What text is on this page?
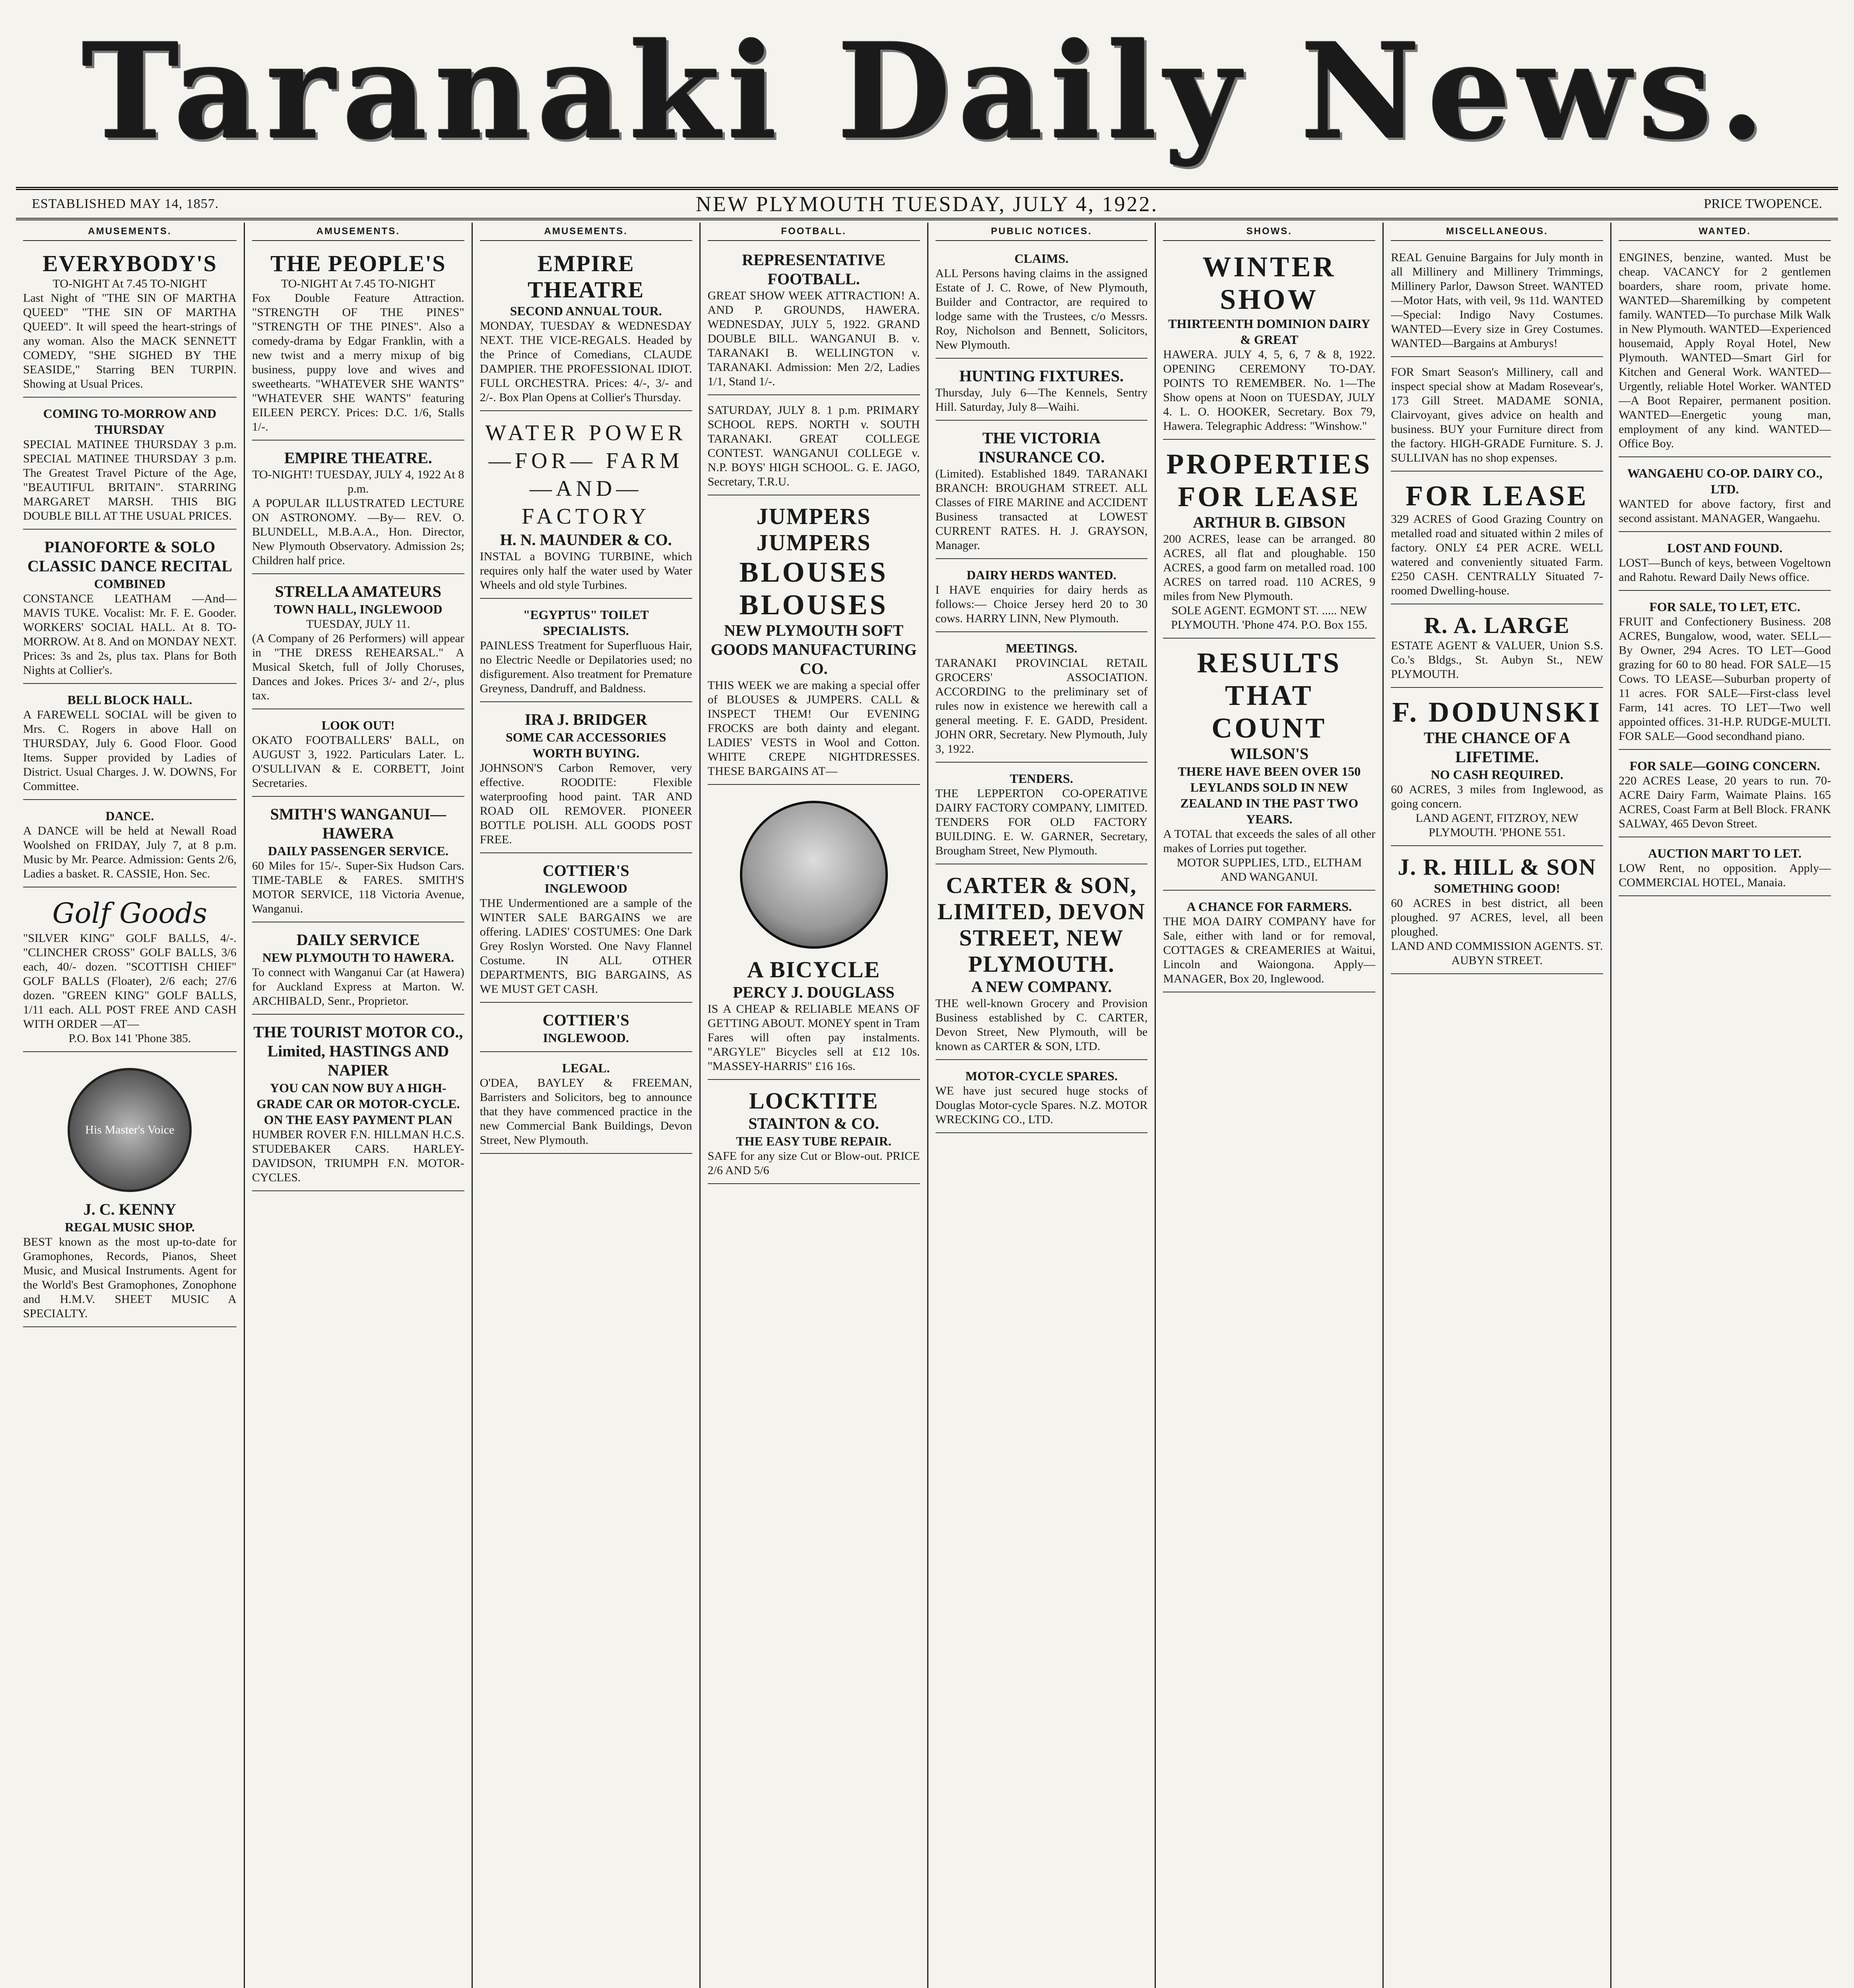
Taranaki Daily News.
ESTABLISHED MAY 14, 1857.	NEW PLYMOUTH TUESDAY, JULY 4, 1922.	PRICE TWOPENCE.
AMUSEMENTS.
EVERYBODY'S
TO-NIGHT At 7.45 TO-NIGHT
Last Night of "THE SIN OF MARTHA QUEED" "THE SIN OF MARTHA QUEED". It will speed the heart-strings of any woman. Also the MACK SENNETT COMEDY, "SHE SIGHED BY THE SEASIDE," Starring BEN TURPIN. Showing at Usual Prices.
COMING TO-MORROW AND THURSDAY
SPECIAL MATINEE THURSDAY 3 p.m. SPECIAL MATINEE THURSDAY 3 p.m. The Greatest Travel Picture of the Age, "BEAUTIFUL BRITAIN". STARRING MARGARET MARSH. THIS BIG DOUBLE BILL AT THE USUAL PRICES.
PIANOFORTE & SOLO CLASSIC DANCE RECITAL
COMBINED
CONSTANCE LEATHAM —And— MAVIS TUKE. Vocalist: Mr. F. E. Gooder. WORKERS' SOCIAL HALL. At 8. TO-MORROW. At 8. And on MONDAY NEXT. Prices: 3s and 2s, plus tax. Plans for Both Nights at Collier's.
BELL BLOCK HALL.
A FAREWELL SOCIAL will be given to Mrs. C. Rogers in above Hall on THURSDAY, July 6. Good Floor. Good Items. Supper provided by Ladies of District. Usual Charges. J. W. DOWNS, For Committee.
DANCE.
A DANCE will be held at Newall Road Woolshed on FRIDAY, July 7, at 8 p.m. Music by Mr. Pearce. Admission: Gents 2/6, Ladies a basket. R. CASSIE, Hon. Sec.
Golf Goods
"SILVER KING" GOLF BALLS, 4/-. "CLINCHER CROSS" GOLF BALLS, 3/6 each, 40/- dozen. "SCOTTISH CHIEF" GOLF BALLS (Floater), 2/6 each; 27/6 dozen. "GREEN KING" GOLF BALLS, 1/11 each. ALL POST FREE AND CASH WITH ORDER —AT—
P.O. Box 141 'Phone 385.
His Master's Voice
J. C. KENNY
REGAL MUSIC SHOP.
BEST known as the most up-to-date for Gramophones, Records, Pianos, Sheet Music, and Musical Instruments. Agent for the World's Best Gramophones, Zonophone and H.M.V. SHEET MUSIC A SPECIALTY.
AMUSEMENTS.
THE PEOPLE'S
TO-NIGHT At 7.45 TO-NIGHT
Fox Double Feature Attraction. "STRENGTH OF THE PINES" "STRENGTH OF THE PINES". Also a comedy-drama by Edgar Franklin, with a new twist and a merry mixup of big business, puppy love and wives and sweethearts. "WHATEVER SHE WANTS" "WHATEVER SHE WANTS" featuring EILEEN PERCY. Prices: D.C. 1/6, Stalls 1/-.
EMPIRE THEATRE.
TO-NIGHT! TUESDAY, JULY 4, 1922 At 8 p.m.
A POPULAR ILLUSTRATED LECTURE ON ASTRONOMY. —By— REV. O. BLUNDELL, M.B.A.A., Hon. Director, New Plymouth Observatory. Admission 2s; Children half price.
STRELLA AMATEURS
TOWN HALL, INGLEWOOD
TUESDAY, JULY 11.
(A Company of 26 Performers) will appear in "THE DRESS REHEARSAL." A Musical Sketch, full of Jolly Choruses, Dances and Jokes. Prices 3/- and 2/-, plus tax.
LOOK OUT!
OKATO FOOTBALLERS' BALL, on AUGUST 3, 1922. Particulars Later. L. O'SULLIVAN & E. CORBETT, Joint Secretaries.
SMITH'S WANGANUI—HAWERA
DAILY PASSENGER SERVICE.
60 Miles for 15/-. Super-Six Hudson Cars. TIME-TABLE & FARES. SMITH'S MOTOR SERVICE, 118 Victoria Avenue, Wanganui.
DAILY SERVICE
NEW PLYMOUTH TO HAWERA.
To connect with Wanganui Car (at Hawera) for Auckland Express at Marton. W. ARCHIBALD, Senr., Proprietor.
THE TOURIST MOTOR CO., Limited, HASTINGS AND NAPIER
YOU CAN NOW BUY A HIGH-GRADE CAR OR MOTOR-CYCLE. ON THE EASY PAYMENT PLAN
HUMBER ROVER F.N. HILLMAN H.C.S. STUDEBAKER CARS. HARLEY-DAVIDSON, TRIUMPH F.N. MOTOR-CYCLES.
AMUSEMENTS.
EMPIRE THEATRE
SECOND ANNUAL TOUR.
MONDAY, TUESDAY & WEDNESDAY NEXT. THE VICE-REGALS. Headed by the Prince of Comedians, CLAUDE DAMPIER. THE PROFESSIONAL IDIOT. FULL ORCHESTRA. Prices: 4/-, 3/- and 2/-. Box Plan Opens at Collier's Thursday.
WATER POWER —FOR— FARM —AND— FACTORY
H. N. MAUNDER & CO.
INSTAL a BOVING TURBINE, which requires only half the water used by Water Wheels and old style Turbines.
"EGYPTUS" TOILET SPECIALISTS.
PAINLESS Treatment for Superfluous Hair, no Electric Needle or Depilatories used; no disfigurement. Also treatment for Premature Greyness, Dandruff, and Baldness.
IRA J. BRIDGER
SOME CAR ACCESSORIES WORTH BUYING.
JOHNSON'S Carbon Remover, very effective. ROODITE: Flexible waterproofing hood paint. TAR AND ROAD OIL REMOVER. PIONEER BOTTLE POLISH. ALL GOODS POST FREE.
COTTIER'S
INGLEWOOD
THE Undermentioned are a sample of the WINTER SALE BARGAINS we are offering. LADIES' COSTUMES: One Dark Grey Roslyn Worsted. One Navy Flannel Costume. IN ALL OTHER DEPARTMENTS, BIG BARGAINS, AS WE MUST GET CASH.
COTTIER'S
INGLEWOOD.
LEGAL.
O'DEA, BAYLEY & FREEMAN, Barristers and Solicitors, beg to announce that they have commenced practice in the new Commercial Bank Buildings, Devon Street, New Plymouth.
FOOTBALL.
REPRESENTATIVE FOOTBALL.
GREAT SHOW WEEK ATTRACTION! A. AND P. GROUNDS, HAWERA. WEDNESDAY, JULY 5, 1922. GRAND DOUBLE BILL. WANGANUI B. v. TARANAKI B. WELLINGTON v. TARANAKI. Admission: Men 2/2, Ladies 1/1, Stand 1/-.
SATURDAY, JULY 8. 1 p.m. PRIMARY SCHOOL REPS. NORTH v. SOUTH TARANAKI. GREAT COLLEGE CONTEST. WANGANUI COLLEGE v. N.P. BOYS' HIGH SCHOOL. G. E. JAGO, Secretary, T.R.U.
JUMPERS JUMPERS
BLOUSES BLOUSES
NEW PLYMOUTH SOFT GOODS MANUFACTURING CO.
THIS WEEK we are making a special offer of BLOUSES & JUMPERS. CALL & INSPECT THEM! Our EVENING FROCKS are both dainty and elegant. LADIES' VESTS in Wool and Cotton. WHITE CREPE NIGHTDRESSES. THESE BARGAINS AT—
A BICYCLE
PERCY J. DOUGLASS
IS A CHEAP & RELIABLE MEANS OF GETTING ABOUT. MONEY spent in Tram Fares will often pay instalments. "ARGYLE" Bicycles sell at £12 10s. "MASSEY-HARRIS" £16 16s.
LOCKTITE
STAINTON & CO.
THE EASY TUBE REPAIR.
SAFE for any size Cut or Blow-out. PRICE 2/6 AND 5/6
PUBLIC NOTICES.
CLAIMS.
ALL Persons having claims in the assigned Estate of J. C. Rowe, of New Plymouth, Builder and Contractor, are required to lodge same with the Trustees, c/o Messrs. Roy, Nicholson and Bennett, Solicitors, New Plymouth.
HUNTING FIXTURES.
Thursday, July 6—The Kennels, Sentry Hill. Saturday, July 8—Waihi.
THE VICTORIA INSURANCE CO.
(Limited). Established 1849. TARANAKI BRANCH: BROUGHAM STREET. ALL Classes of FIRE MARINE and ACCIDENT Business transacted at LOWEST CURRENT RATES. H. J. GRAYSON, Manager.
DAIRY HERDS WANTED.
I HAVE enquiries for dairy herds as follows:— Choice Jersey herd 20 to 30 cows. HARRY LINN, New Plymouth.
MEETINGS.
TARANAKI PROVINCIAL RETAIL GROCERS' ASSOCIATION. ACCORDING to the preliminary set of rules now in existence we herewith call a general meeting. F. E. GADD, President. JOHN ORR, Secretary. New Plymouth, July 3, 1922.
TENDERS.
THE LEPPERTON CO-OPERATIVE DAIRY FACTORY COMPANY, LIMITED. TENDERS FOR OLD FACTORY BUILDING. E. W. GARNER, Secretary, Brougham Street, New Plymouth.
CARTER & SON, LIMITED, DEVON STREET, NEW PLYMOUTH.
A NEW COMPANY.
THE well-known Grocery and Provision Business established by C. CARTER, Devon Street, New Plymouth, will be known as CARTER & SON, LTD.
MOTOR-CYCLE SPARES.
WE have just secured huge stocks of Douglas Motor-cycle Spares. N.Z. MOTOR WRECKING CO., LTD.
SHOWS.
WINTER SHOW
THIRTEENTH DOMINION DAIRY & GREAT
HAWERA. JULY 4, 5, 6, 7 & 8, 1922. OPENING CEREMONY TO-DAY. POINTS TO REMEMBER. No. 1—The Show opens at Noon on TUESDAY, JULY 4. L. O. HOOKER, Secretary. Box 79, Hawera. Telegraphic Address: "Winshow."
PROPERTIES FOR LEASE
ARTHUR B. GIBSON
200 ACRES, lease can be arranged. 80 ACRES, all flat and ploughable. 150 ACRES, a good farm on metalled road. 100 ACRES on tarred road. 110 ACRES, 9 miles from New Plymouth.
SOLE AGENT. EGMONT ST. ..... NEW PLYMOUTH. 'Phone 474. P.O. Box 155.
RESULTS THAT COUNT
WILSON'S
THERE HAVE BEEN OVER 150 LEYLANDS SOLD IN NEW ZEALAND IN THE PAST TWO YEARS.
A TOTAL that exceeds the sales of all other makes of Lorries put together.
MOTOR SUPPLIES, LTD., ELTHAM AND WANGANUI.
A CHANCE FOR FARMERS.
THE MOA DAIRY COMPANY have for Sale, either with land or for removal, COTTAGES & CREAMERIES at Waitui, Lincoln and Waiongona. Apply— MANAGER, Box 20, Inglewood.
MISCELLANEOUS.
REAL Genuine Bargains for July month in all Millinery and Millinery Trimmings, Millinery Parlor, Dawson Street. WANTED—Motor Hats, with veil, 9s 11d. WANTED—Special: Indigo Navy Costumes. WANTED—Every size in Grey Costumes. WANTED—Bargains at Amburys!
FOR Smart Season's Millinery, call and inspect special show at Madam Rosevear's, 173 Gill Street. MADAME SONIA, Clairvoyant, gives advice on health and business. BUY your Furniture direct from the factory. HIGH-GRADE Furniture. S. J. SULLIVAN has no shop expenses.
FOR LEASE
329 ACRES of Good Grazing Country on metalled road and situated within 2 miles of factory. ONLY £4 PER ACRE. WELL watered and conveniently situated Farm. £250 CASH. CENTRALLY Situated 7-roomed Dwelling-house.
R. A. LARGE
ESTATE AGENT & VALUER, Union S.S. Co.'s Bldgs., St. Aubyn St., NEW PLYMOUTH.
F. DODUNSKI
THE CHANCE OF A LIFETIME.
NO CASH REQUIRED.
60 ACRES, 3 miles from Inglewood, as going concern.
LAND AGENT, FITZROY, NEW PLYMOUTH. 'PHONE 551.
J. R. HILL & SON
SOMETHING GOOD!
60 ACRES in best district, all been ploughed. 97 ACRES, level, all been ploughed.
LAND AND COMMISSION AGENTS. ST. AUBYN STREET.
WANTED.
ENGINES, benzine, wanted. Must be cheap. VACANCY for 2 gentlemen boarders, share room, private home. WANTED—Sharemilking by competent family. WANTED—To purchase Milk Walk in New Plymouth. WANTED—Experienced housemaid, Apply Royal Hotel, New Plymouth. WANTED—Smart Girl for Kitchen and General Work. WANTED—Urgently, reliable Hotel Worker. WANTED—A Boot Repairer, permanent position. WANTED—Energetic young man, employment of any kind. WANTED—Office Boy.
WANGAEHU CO-OP. DAIRY CO., LTD.
WANTED for above factory, first and second assistant. MANAGER, Wangaehu.
LOST AND FOUND.
LOST—Bunch of keys, between Vogeltown and Rahotu. Reward Daily News office.
FOR SALE, TO LET, ETC.
FRUIT and Confectionery Business. 208 ACRES, Bungalow, wood, water. SELL—By Owner, 294 Acres. TO LET—Good grazing for 60 to 80 head. FOR SALE—15 Cows. TO LEASE—Suburban property of 11 acres. FOR SALE—First-class level Farm, 141 acres. TO LET—Two well appointed offices. 31-H.P. RUDGE-MULTI. FOR SALE—Good secondhand piano.
FOR SALE—GOING CONCERN.
220 ACRES Lease, 20 years to run. 70-ACRE Dairy Farm, Waimate Plains. 165 ACRES, Coast Farm at Bell Block. FRANK SALWAY, 465 Devon Street.
AUCTION MART TO LET.
LOW Rent, no opposition. Apply— COMMERCIAL HOTEL, Manaia.
